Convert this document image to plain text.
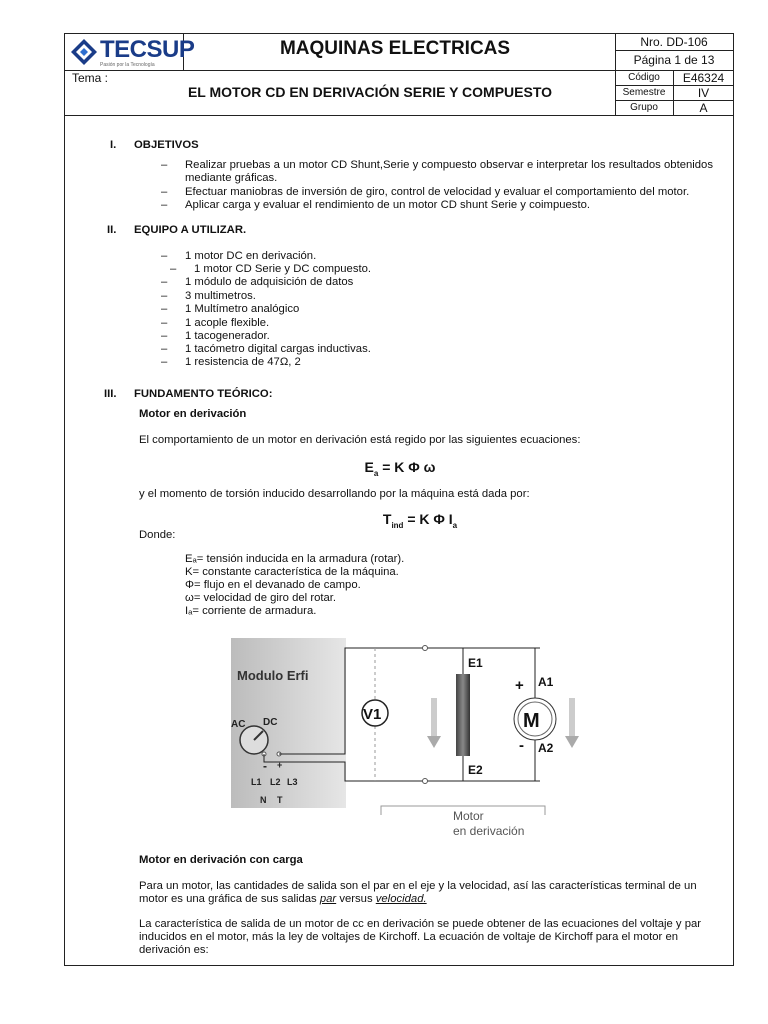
TECSUP
Pasión por la Tecnología
MAQUINAS ELECTRICAS	Nro. DD-106
Página 1 de 13
Tema :
EL MOTOR CD EN DERIVACIÓN SERIE Y COMPUESTO
Código	E46324
Semestre	IV
Grupo	A
I. OBJETIVOS
– Realizar pruebas a un motor CD Shunt,Serie y compuesto observar e interpretar los resultados obtenidos mediante gráficas.
– Efectuar maniobras de inversión de giro, control de velocidad y evaluar el comportamiento del motor.
– Aplicar carga y evaluar el rendimiento de un motor CD shunt Serie y coimpuesto.
II. EQUIPO A UTILIZAR.
– 1 motor DC en derivación.
– 1 motor CD Serie y DC compuesto.
– 1 módulo de adquisición de datos
– 3 multimetros.
– 1 Multímetro analógico
– 1 acople flexible.
– 1 tacogenerador.
– 1 tacómetro digital cargas inductivas.
– 1 resistencia de 47Ω, 2
III. FUNDAMENTO TEÓRICO:
Motor en derivación
El comportamiento de un motor en derivación está regido por las siguientes ecuaciones:
$E_a = K$ Φ ω
y el momento de torsión inducido desarrollando por la máquina está dada por:
$T_{ind} = K$ Φ $I_a$
Donde:
Eₐ= tensión inducida en la armadura (rotar).
K= constante característica de la máquina.
Φ= flujo en el devanado de campo.
ω= velocidad de giro del rotar.
Iₐ= corriente de armadura.
Modulo Erfi
AC DC
- +
L1 L2 L3
N T
V1
E1
E2
M
+
-
A1
A2
Motor
en derivación
Motor en derivación con carga
Para un motor, las cantidades de salida son el par en el eje y la velocidad, así las características terminal de un motor es una gráfica de sus salidas par versus velocidad.
La característica de salida de un motor de cc en derivación se puede obtener de las ecuaciones del voltaje y par inducidos en el motor, más la ley de voltajes de Kirchoff. La ecuación de voltaje de Kirchoff para el motor en derivación es:
